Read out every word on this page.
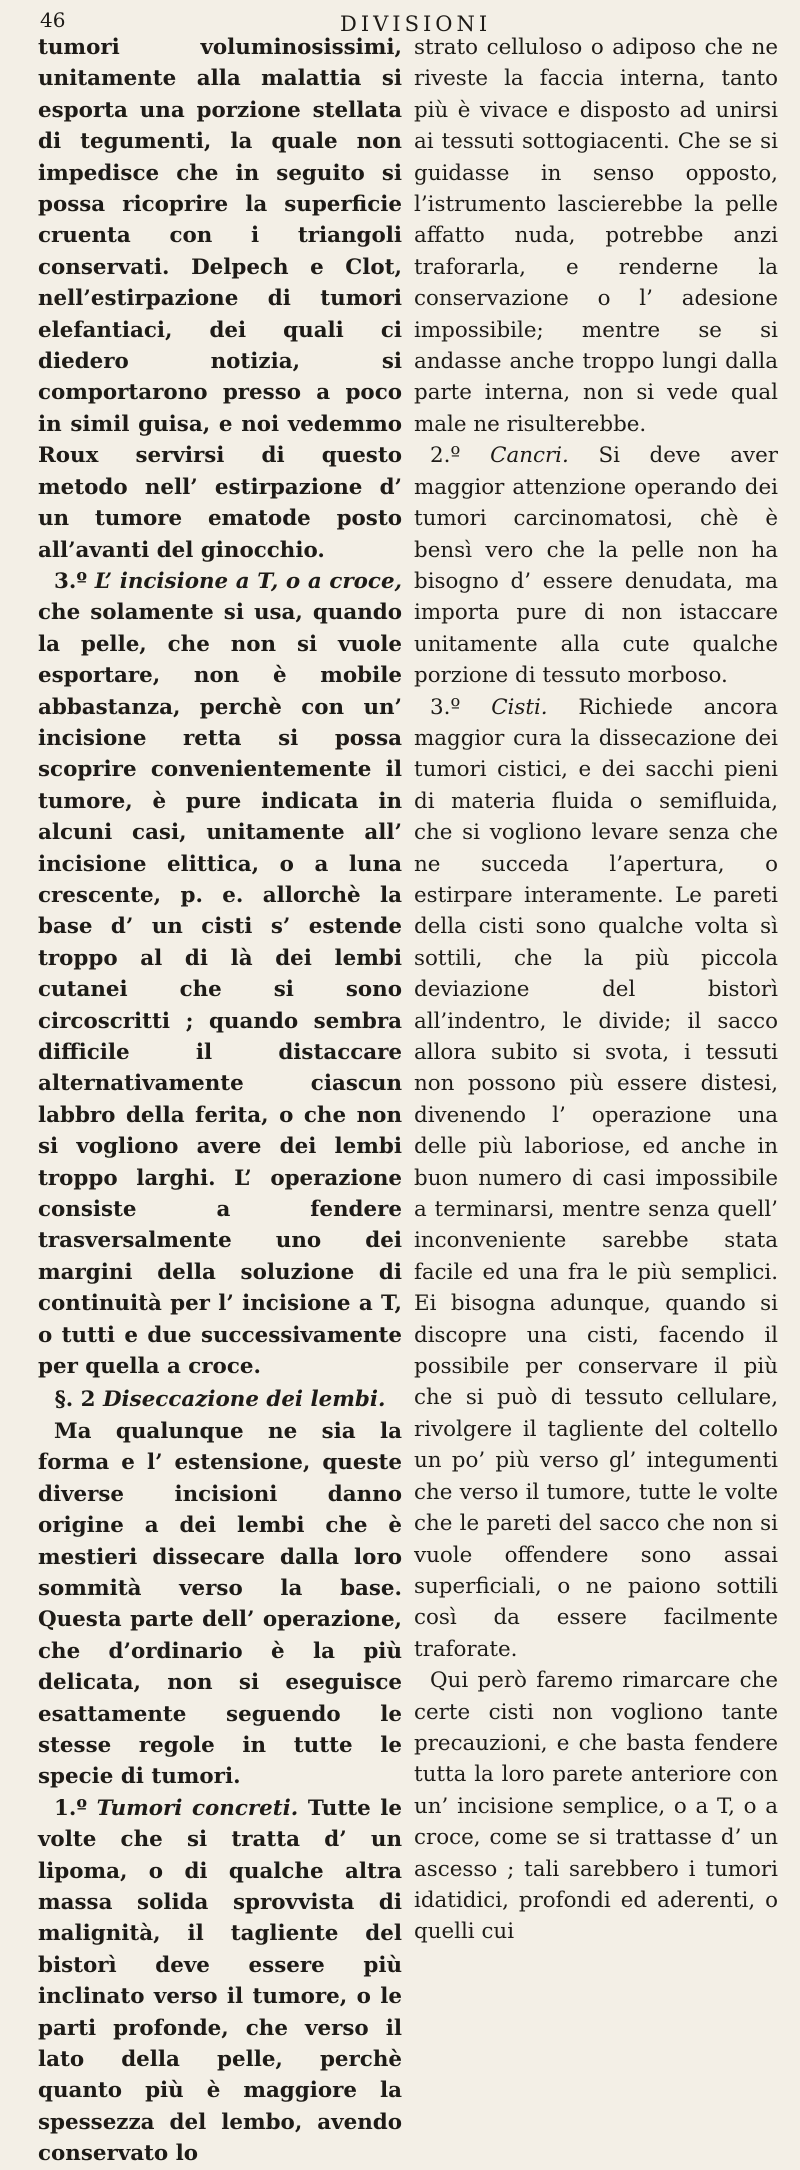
46	DIVISIONI

tumori voluminosissimi, unitamente alla malattia si esporta una porzione stellata di tegumenti, la quale non impedisce che in seguito si possa ricoprire la superficie cruenta con i triangoli conservati. Delpech e Clot, nell’estirpazione di tumori elefantiaci, dei quali ci diedero notizia, si comportarono presso a poco in simil guisa, e noi vedemmo Roux servirsi di questo metodo nell’ estirpazione d’ un tumore ematode posto all’avanti del ginocchio.

3.º L’ incisione a T, o a croce, che solamente si usa, quando la pelle, che non si vuole esportare, non è mobile abbastanza, perchè con un’ incisione retta si possa scoprire convenientemente il tumore, è pure indicata in alcuni casi, unitamente all’ incisione elittica, o a luna crescente, p. e. allorchè la base d’ un cisti s’ estende troppo al di là dei lembi cutanei che si sono circoscritti ; quando sembra difficile il distaccare alternativamente ciascun labbro della ferita, o che non si vogliono avere dei lembi troppo larghi. L’ operazione consiste a fendere trasversalmente uno dei margini della soluzione di continuità per l’ incisione a T, o tutti e due successivamente per quella a croce.

§. 2 Diseccazione dei lembi.

Ma qualunque ne sia la forma e l’ estensione, queste diverse incisioni danno origine a dei lembi che è mestieri dissecare dalla loro sommità verso la base. Questa parte dell’ operazione, che d’ordinario è la più delicata, non si eseguisce esattamente seguendo le stesse regole in tutte le specie di tumori.

1.º Tumori concreti. Tutte le volte che si tratta d’ un lipoma, o di qualche altra massa solida sprovvista di malignità, il tagliente del bistorì deve essere più inclinato verso il tumore, o le parti profonde, che verso il lato della pelle, perchè quanto più è maggiore la spessezza del lembo, avendo conservato lo

strato celluloso o adiposo che ne riveste la faccia interna, tanto più è vivace e disposto ad unirsi ai tessuti sottogiacenti. Che se si guidasse in senso opposto, l’istrumento lascierebbe la pelle affatto nuda, potrebbe anzi traforarla, e renderne la conservazione o l’ adesione impossibile; mentre se si andasse anche troppo lungi dalla parte interna, non si vede qual male ne risulterebbe.

2.º Cancri. Si deve aver maggior attenzione operando dei tumori carcinomatosi, chè è bensì vero che la pelle non ha bisogno d’ essere denudata, ma importa pure di non istaccare unitamente alla cute qualche porzione di tessuto morboso.

3.º Cisti. Richiede ancora maggior cura la dissecazione dei tumori cistici, e dei sacchi pieni di materia fluida o semifluida, che si vogliono levare senza che ne succeda l’apertura, o estirpare interamente. Le pareti della cisti sono qualche volta sì sottili, che la più piccola deviazione del bistorì all’indentro, le divide; il sacco allora subito si svota, i tessuti non possono più essere distesi, divenendo l’ operazione una delle più laboriose, ed anche in buon numero di casi impossibile a terminarsi, mentre senza quell’ inconveniente sarebbe stata facile ed una fra le più semplici. Ei bisogna adunque, quando si discopre una cisti, facendo il possibile per conservare il più che si può di tessuto cellulare, rivolgere il tagliente del coltello un po’ più verso gl’ integumenti che verso il tumore, tutte le volte che le pareti del sacco che non si vuole offendere sono assai superficiali, o ne paiono sottili così da essere facilmente traforate.

Qui però faremo rimarcare che certe cisti non vogliono tante precauzioni, e che basta fendere tutta la loro parete anteriore con un’ incisione semplice, o a T, o a croce, come se si trattasse d’ un ascesso ; tali sarebbero i tumori idatidici, profondi ed aderenti, o quelli cui
